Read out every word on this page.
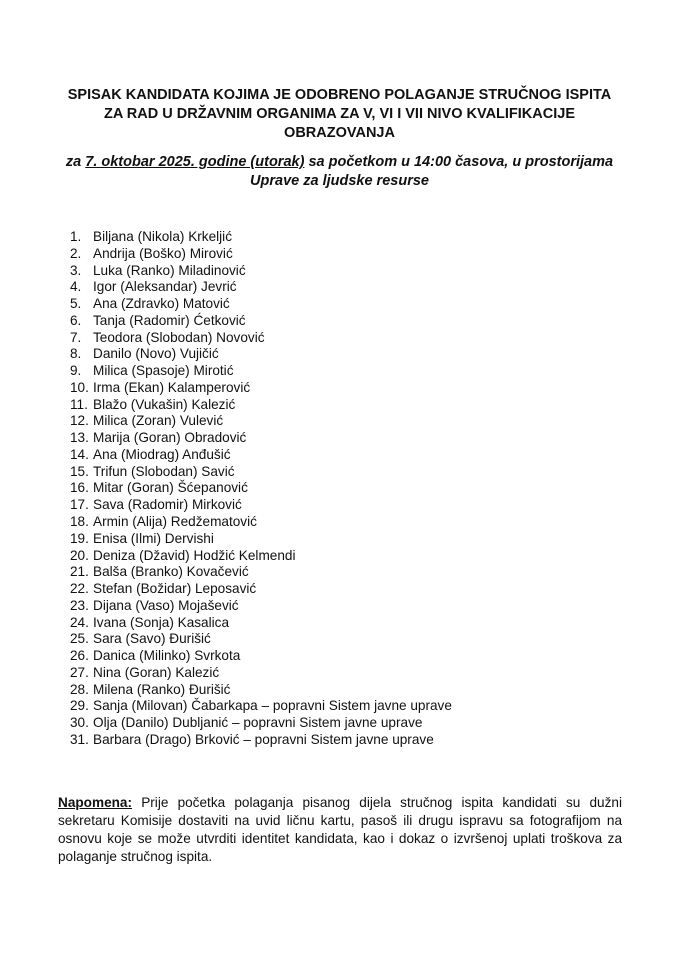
SPISAK KANDIDATA KOJIMA JE ODOBRENO POLAGANJE STRUČNOG ISPITA
ZA RAD U DRŽAVNIM ORGANIMA ZA V, VI I VII NIVO KVALIFIKACIJE
OBRAZOVANJA
za 7. oktobar 2025. godine (utorak) sa početkom u 14:00 časova, u prostorijama
Uprave za ljudske resurse
1. Biljana (Nikola) Krkeljić
2. Andrija (Boško) Mirović
3. Luka (Ranko) Miladinović
4. Igor (Aleksandar) Jevrić
5. Ana (Zdravko) Matović
6. Tanja (Radomir) Ćetković
7. Teodora (Slobodan) Novović
8. Danilo (Novo) Vujičić
9. Milica (Spasoje) Mirotić
10. Irma (Ekan) Kalamperović
11. Blažo (Vukašin) Kalezić
12. Milica (Zoran) Vulević
13. Marija (Goran) Obradović
14. Ana (Miodrag) Anđušić
15. Trifun (Slobodan) Savić
16. Mitar (Goran) Šćepanović
17. Sava (Radomir) Mirković
18. Armin (Alija) Redžematović
19. Enisa (Ilmi) Dervishi
20. Deniza (Džavid) Hodžić Kelmendi
21. Balša (Branko) Kovačević
22. Stefan (Božidar) Leposavić
23. Dijana (Vaso) Mojašević
24. Ivana (Sonja) Kasalica
25. Sara (Savo) Đurišić
26. Danica (Milinko) Svrkota
27. Nina (Goran) Kalezić
28. Milena (Ranko) Đurišić
29. Sanja (Milovan) Čabarkapa – popravni Sistem javne uprave
30. Olja (Danilo) Dubljanić – popravni Sistem javne uprave
31. Barbara (Drago) Brković – popravni Sistem javne uprave
Napomena: Prije početka polaganja pisanog dijela stručnog ispita kandidati su dužni sekretaru Komisije dostaviti na uvid ličnu kartu, pasoš ili drugu ispravu sa fotografijom na osnovu koje se može utvrditi identitet kandidata, kao i dokaz o izvršenoj uplati troškova za polaganje stručnog ispita.
